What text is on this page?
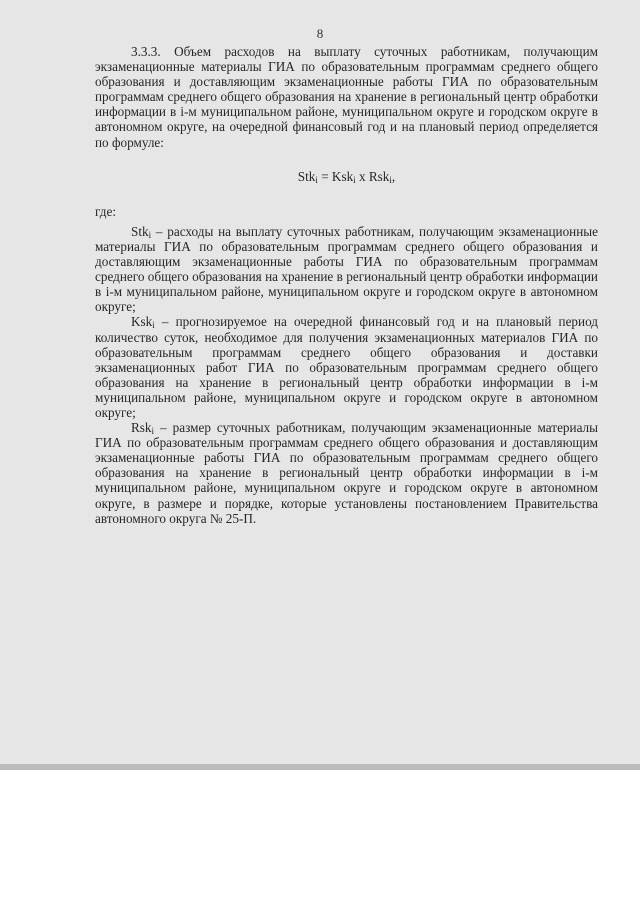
8

3.3.3. Объем расходов на выплату суточных работникам, получающим экзаменационные материалы ГИА по образовательным программам среднего общего образования и доставляющим экзаменационные работы ГИА по образовательным программам среднего общего образования на хранение в региональный центр обработки информации в i-м муниципальном районе, муниципальном округе и городском округе в автономном округе, на очередной финансовый год и на плановый период определяется по формуле:

Stk$_i$ = Ksk$_i$ x Rsk$_i$,

где:

Stk$_i$ – расходы на выплату суточных работникам, получающим экзаменационные материалы ГИА по образовательным программам среднего общего образования и доставляющим экзаменационные работы ГИА по образовательным программам среднего общего образования на хранение в региональный центр обработки информации в i-м муниципальном районе, муниципальном округе и городском округе в автономном округе;

Ksk$_i$ – прогнозируемое на очередной финансовый год и на плановый период количество суток, необходимое для получения экзаменационных материалов ГИА по образовательным программам среднего общего образования и доставки экзаменационных работ ГИА по образовательным программам среднего общего образования на хранение в региональный центр обработки информации в i-м муниципальном районе, муниципальном округе и городском округе в автономном округе;

Rsk$_i$ – размер суточных работникам, получающим экзаменационные материалы ГИА по образовательным программам среднего общего образования и доставляющим экзаменационные работы ГИА по образовательным программам среднего общего образования на хранение в региональный центр обработки информации в i-м муниципальном районе, муниципальном округе и городском округе в автономном округе, в размере и порядке, которые установлены постановлением Правительства автономного округа № 25-П.
